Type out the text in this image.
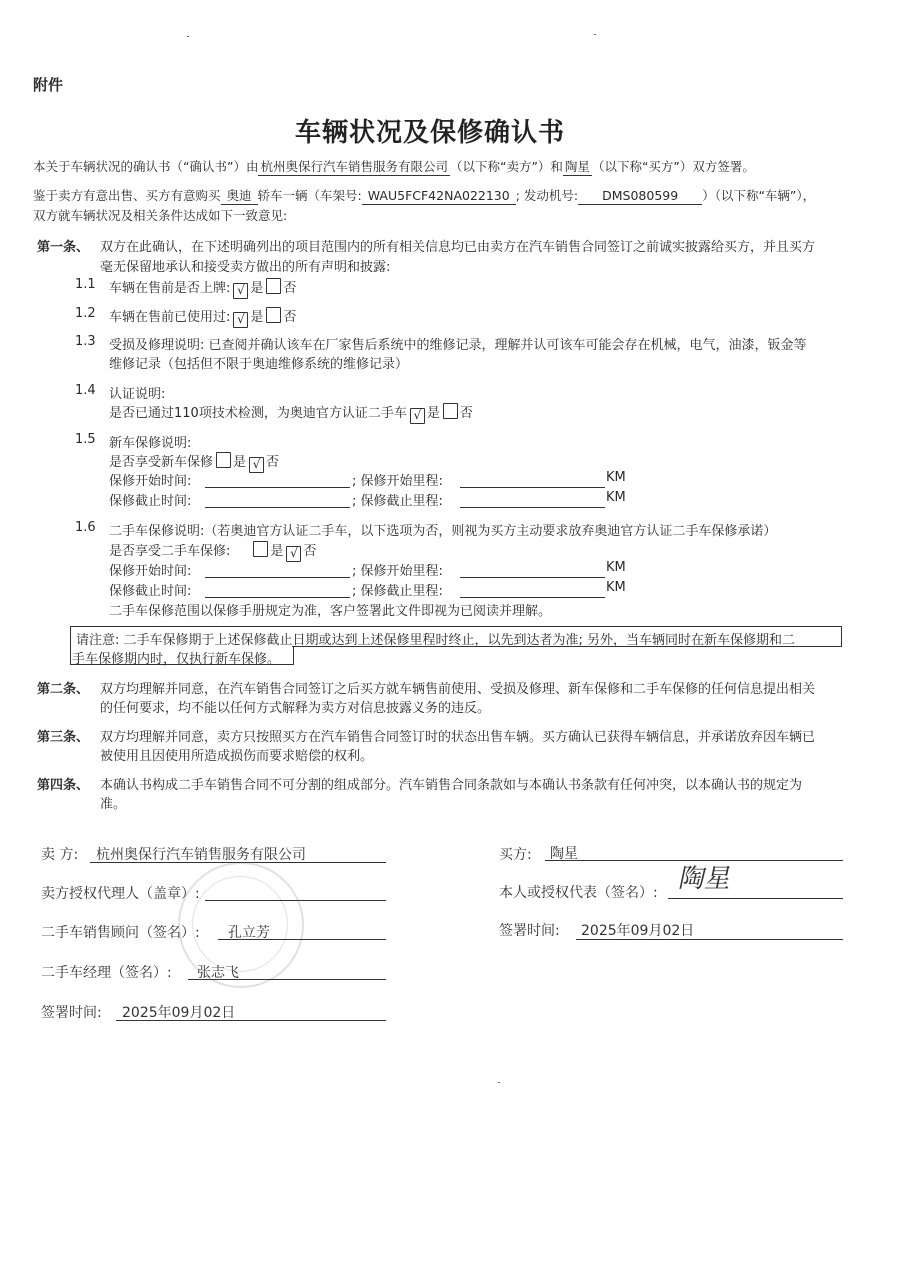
附件
车辆状况及保修确认书
本关于车辆状况的确认书（“确认书”）由 杭州奥保行汽车销售服务有限公司 （以下称“卖方”）和 陶星 （以下称“买方”）双方签署。
鉴于卖方有意出售、买方有意购买 奥迪 轿车一辆（车架号: WAU5FCF42NA022130 ; 发动机号: DMS080599 ）（以下称“车辆”），
双方就车辆状况及相关条件达成如下一致意见:
第一条、 双方在此确认，在下述明确列出的项目范围内的所有相关信息均已由卖方在汽车销售合同签订之前诚实披露给买方，并且买方
毫无保留地承认和接受卖方做出的所有声明和披露:
1.1 车辆在售前是否上牌: √ 是 否
1.2 车辆在售前已使用过: √ 是 否
1.3 受损及修理说明: 已查阅并确认该车在厂家售后系统中的维修记录，理解并认可该车可能会存在机械，电气，油漆，钣金等
维修记录（包括但不限于奥迪维修系统的维修记录）
1.4 认证说明:
是否已通过110项技术检测，为奥迪官方认证二手车 √ 是 否
1.5 新车保修说明:
是否享受新车保修 是 √ 否
保修开始时间:	; 保修开始里程:	KM
保修截止时间:	; 保修截止里程:	KM
1.6 二手车保修说明:（若奥迪官方认证二手车，以下选项为否，则视为买方主动要求放弃奥迪官方认证二手车保修承诺）
是否享受二手车保修:	是 √ 否
保修开始时间:	; 保修开始里程:	KM
保修截止时间:	; 保修截止里程:	KM
二手车保修范围以保修手册规定为准，客户签署此文件即视为已阅读并理解。
请注意: 二手车保修期于上述保修截止日期或达到上述保修里程时终止，以先到达者为准; 另外，当车辆同时在新车保修期和二
手车保修期内时，仅执行新车保修。
第二条、 双方均理解并同意，在汽车销售合同签订之后买方就车辆售前使用、受损及修理、新车保修和二手车保修的任何信息提出相关
的任何要求，均不能以任何方式解释为卖方对信息披露义务的违反。
第三条、 双方均理解并同意，卖方只按照买方在汽车销售合同签订时的状态出售车辆。买方确认已获得车辆信息，并承诺放弃因车辆已
被使用且因使用所造成损伤而要求赔偿的权利。
第四条、 本确认书构成二手车销售合同不可分割的组成部分。汽车销售合同条款如与本确认书条款有任何冲突，以本确认书的规定为
准。
卖 方: 杭州奥保行汽车销售服务有限公司
卖方授权代理人（盖章）:
二手车销售顾问（签名）: 孔立芳
二手车经理（签名）: 张志飞
签署时间: 2025年09月02日
买方: 陶星
本人或授权代表（签名）: 陶星
签署时间: 2025年09月02日
